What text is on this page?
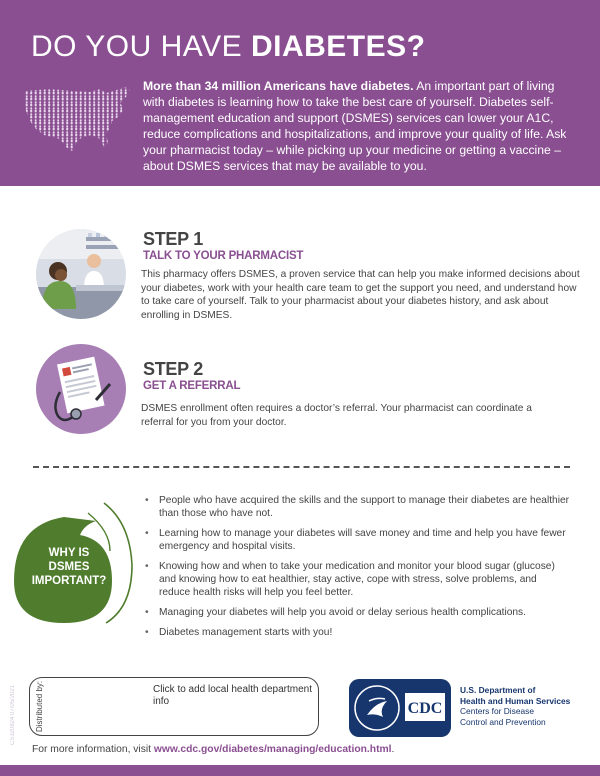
DO YOU HAVE DIABETES?

More than 34 million Americans have diabetes. An important part of living with diabetes is learning how to take the best care of yourself. Diabetes self-management education and support (DSMES) services can lower your A1C, reduce complications and hospitalizations, and improve your quality of life. Ask your pharmacist today – while picking up your medicine or getting a vaccine – about DSMES services that may be available to you.

STEP 1
TALK TO YOUR PHARMACIST

This pharmacy offers DSMES, a proven service that can help you make informed decisions about your diabetes, work with your health care team to get the support you need, and understand how to take care of yourself. Talk to your pharmacist about your diabetes history, and ask about enrolling in DSMES.

STEP 2
GET A REFERRAL

DSMES enrollment often requires a doctor’s referral. Your pharmacist can coordinate a referral for you from your doctor.

WHY IS
DSMES
IMPORTANT?
• People who have acquired the skills and the support to manage their diabetes are healthier than those who have not.
• Learning how to manage your diabetes will save money and time and help you have fewer emergency and hospital visits.
• Knowing how and when to take your medication and monitor your blood sugar (glucose) and knowing how to eat healthier, stay active, cope with stress, solve problems, and reduce health risks will help you feel better.
• Managing your diabetes will help you avoid or delay serious health complications.
• Diabetes management starts with you!
CS320824 07/05/2021	Distributed by:	Click to add local health department info	CDC
U.S. Department of
Health and Human Services
Centers for Disease
Control and Prevention
For more information, visit www.cdc.gov/diabetes/managing/education.html.
